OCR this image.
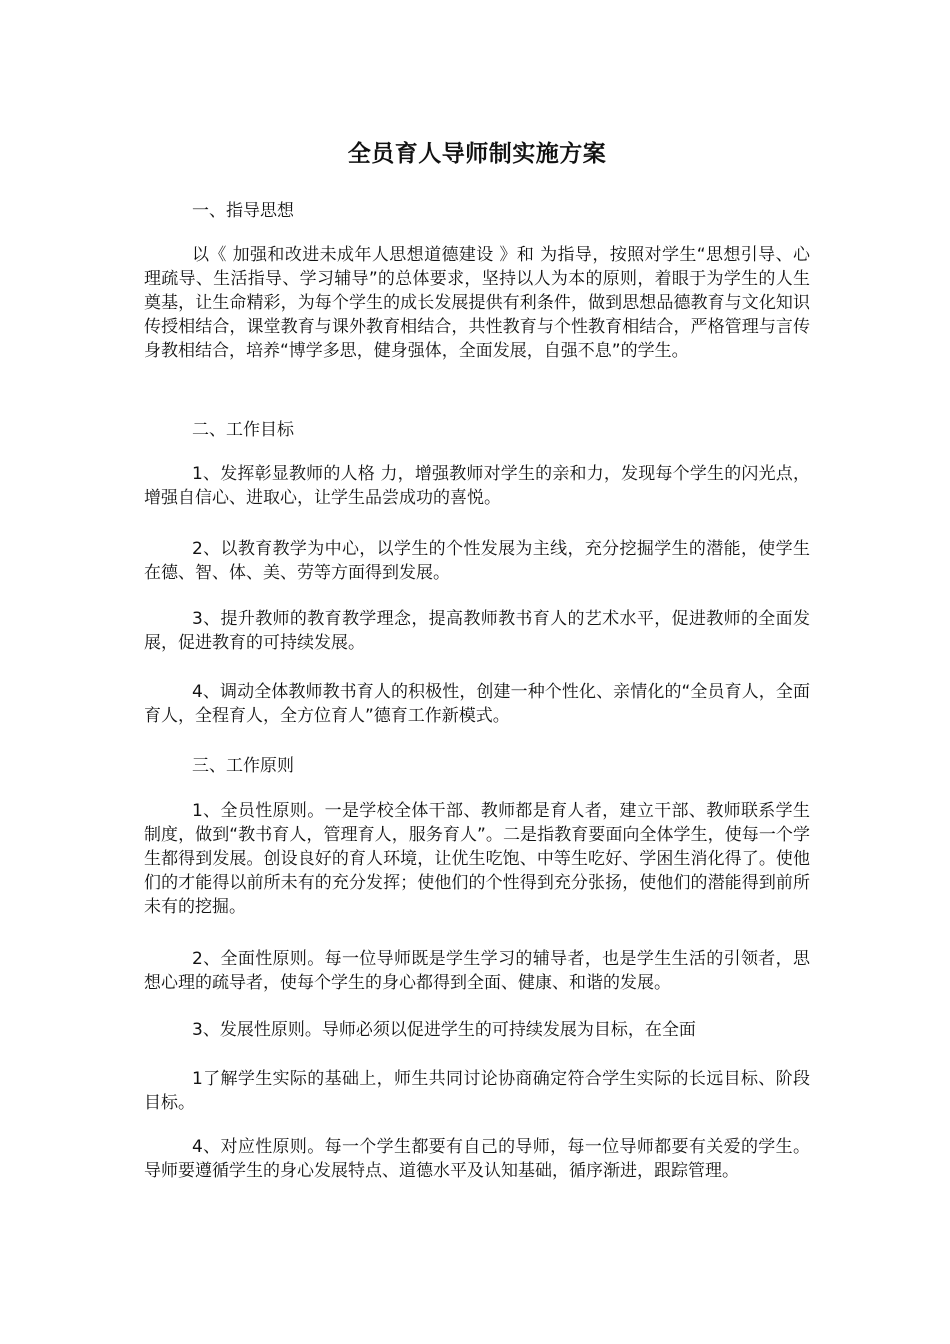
全员育人导师制实施方案
一、指导思想

以《 加强和改进未成年人思想道德建设 》和 为指导，按照对学生“思想引导、心理疏导、生活指导、学习辅导”的总体要求，坚持以人为本的原则，着眼于为学生的人生奠基，让生命精彩，为每个学生的成长发展提供有利条件，做到思想品德教育与文化知识传授相结合，课堂教育与课外教育相结合，共性教育与个性教育相结合，严格管理与言传身教相结合，培养“博学多思，健身强体，全面发展，自强不息”的学生。

二、工作目标

1、发挥彰显教师的人格 力，增强教师对学生的亲和力，发现每个学生的闪光点，增强自信心、进取心，让学生品尝成功的喜悦。

2、以教育教学为中心，以学生的个性发展为主线，充分挖掘学生的潜能，使学生在德、智、体、美、劳等方面得到发展。

3、提升教师的教育教学理念，提高教师教书育人的艺术水平，促进教师的全面发展，促进教育的可持续发展。

4、调动全体教师教书育人的积极性，创建一种个性化、亲情化的“全员育人，全面育人，全程育人，全方位育人”德育工作新模式。

三、工作原则

1、全员性原则。一是学校全体干部、教师都是育人者，建立干部、教师联系学生制度，做到“教书育人，管理育人，服务育人”。二是指教育要面向全体学生，使每一个学生都得到发展。创设良好的育人环境，让优生吃饱、中等生吃好、学困生消化得了。使他们的才能得以前所未有的充分发挥；使他们的个性得到充分张扬，使他们的潜能得到前所未有的挖掘。

2、全面性原则。每一位导师既是学生学习的辅导者，也是学生生活的引领者，思想心理的疏导者，使每个学生的身心都得到全面、健康、和谐的发展。

3、发展性原则。导师必须以促进学生的可持续发展为目标，在全面

1了解学生实际的基础上，师生共同讨论协商确定符合学生实际的长远目标、阶段目标。

4、对应性原则。每一个学生都要有自己的导师，每一位导师都要有关爱的学生。导师要遵循学生的身心发展特点、道德水平及认知基础，循序渐进，跟踪管理。
